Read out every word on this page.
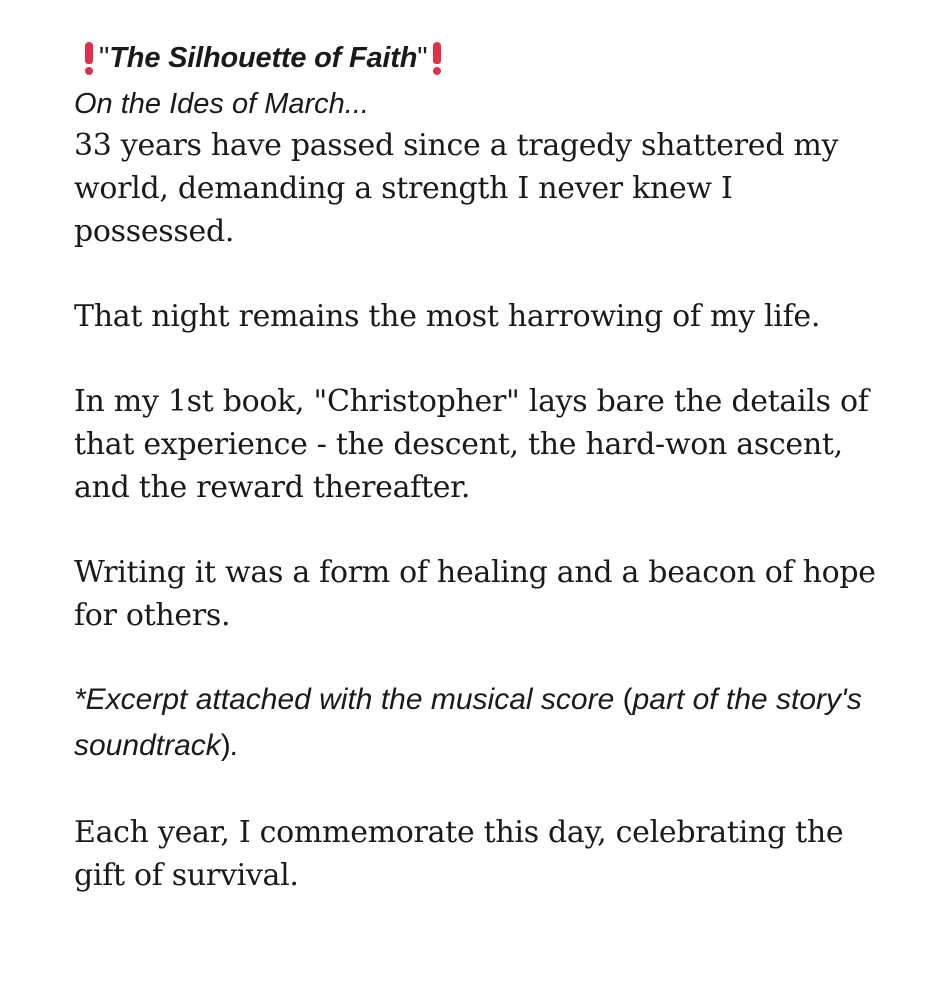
" The Silhouette of Faith "
On the Ides of March...

33 years have passed since a tragedy shattered my world, demanding a strength I never knew I possessed.

That night remains the most harrowing of my life.

In my 1st book, "Christopher" lays bare the details of that experience - the descent, the hard-won ascent, and the reward thereafter.

Writing it was a form of healing and a beacon of hope for others.

*Excerpt attached with the musical score (part of the story's soundtrack).

Each year, I commemorate this day, celebrating the gift of survival.
